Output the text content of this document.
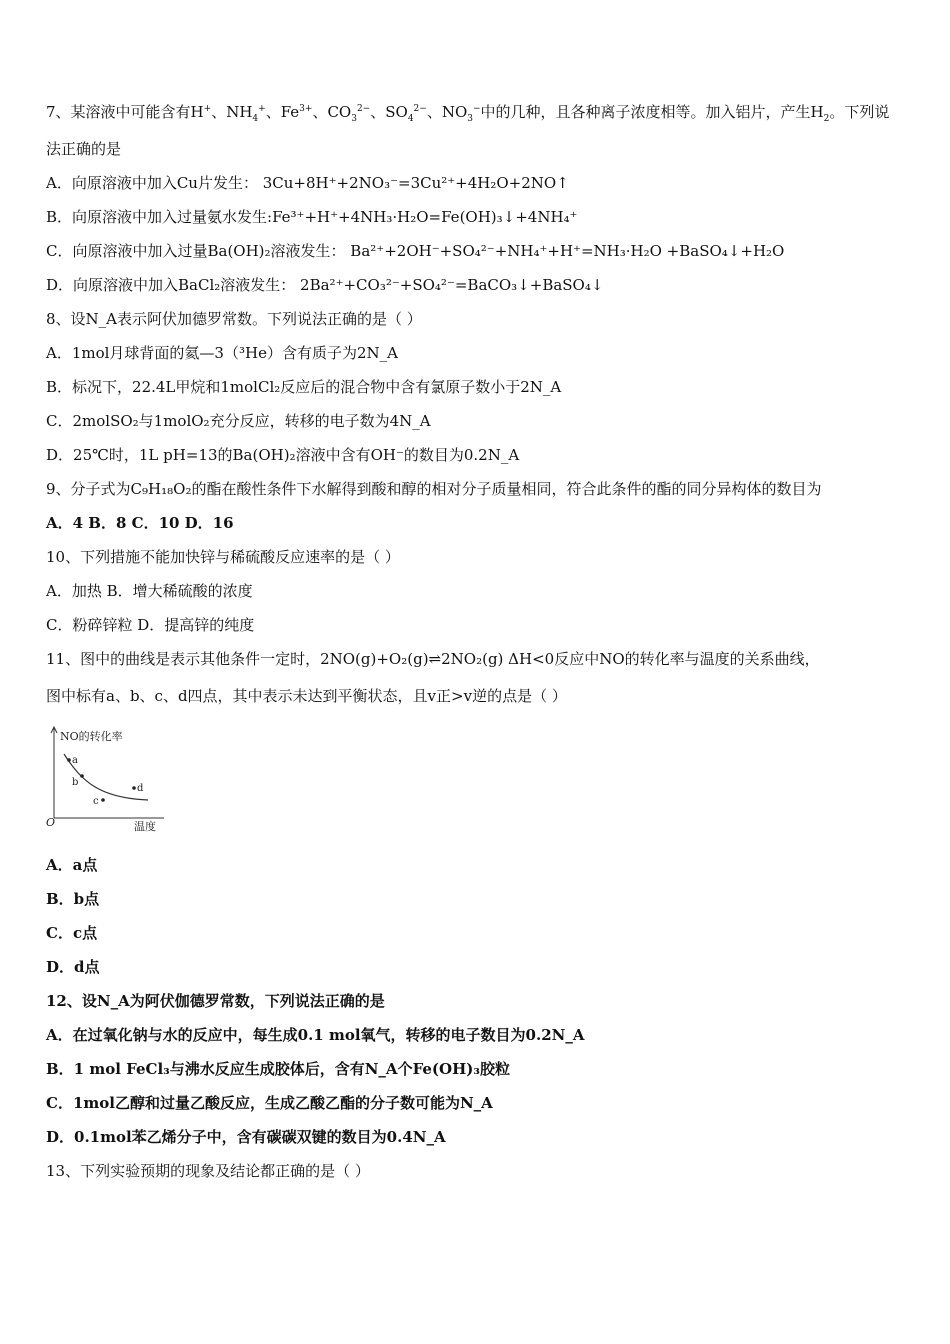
7、某溶液中可能含有H+、$NH_4^+$、$Fe^{3+}$、$CO_3^{2-}$、$SO_4^{2-}$、$NO_3^-$中的几种，且各种离子浓度相等。加入铝片，产生$H_2$。下列说
法正确的是
A．向原溶液中加入Cu片发生： 3Cu+8H⁺+2NO₃⁻=3Cu²⁺+4H₂O+2NO↑
B．向原溶液中加入过量氨水发生:Fe³⁺+H⁺+4NH₃·H₂O=Fe(OH)₃↓+4NH₄⁺
C．向原溶液中加入过量Ba(OH)₂溶液发生： Ba²⁺+2OH⁻+SO₄²⁻+NH₄⁺+H⁺=NH₃·H₂O +BaSO₄↓+H₂O
D．向原溶液中加入BaCl₂溶液发生： 2Ba²⁺+CO₃²⁻+SO₄²⁻=BaCO₃↓+BaSO₄↓
8、设N_A表示阿伏加德罗常数。下列说法正确的是（ ）
A．1mol月球背面的氦—3（³He）含有质子为2N_A
B．标况下，22.4L甲烷和1molCl₂反应后的混合物中含有氯原子数小于2N_A
C．2molSO₂与1molO₂充分反应，转移的电子数为4N_A
D．25℃时，1L pH=13的Ba(OH)₂溶液中含有OH⁻的数目为0.2N_A
9、分子式为C₉H₁₈O₂的酯在酸性条件下水解得到酸和醇的相对分子质量相同，符合此条件的酯的同分异构体的数目为
A．4 B．8 C．10 D．16
10、下列措施不能加快锌与稀硫酸反应速率的是（ ）
A．加热 B．增大稀硫酸的浓度
C．粉碎锌粒 D．提高锌的纯度
11、图中的曲线是表示其他条件一定时，2NO(g)+O₂(g)⇌2NO₂(g) ΔH<0反应中NO的转化率与温度的关系曲线，
图中标有a、b、c、d四点，其中表示未达到平衡状态，且v正>v逆的点是（ ）
NO的转化率
温度
O
a
b
c
d
A．a点
B．b点
C．c点
D．d点
12、设N_A为阿伏伽德罗常数，下列说法正确的是
A．在过氧化钠与水的反应中，每生成0.1 mol氧气，转移的电子数目为0.2N_A
B．1 mol FeCl₃与沸水反应生成胶体后，含有N_A个Fe(OH)₃胶粒
C．1mol乙醇和过量乙酸反应，生成乙酸乙酯的分子数可能为N_A
D．0.1mol苯乙烯分子中，含有碳碳双键的数目为0.4N_A
13、下列实验预期的现象及结论都正确的是（ ）
